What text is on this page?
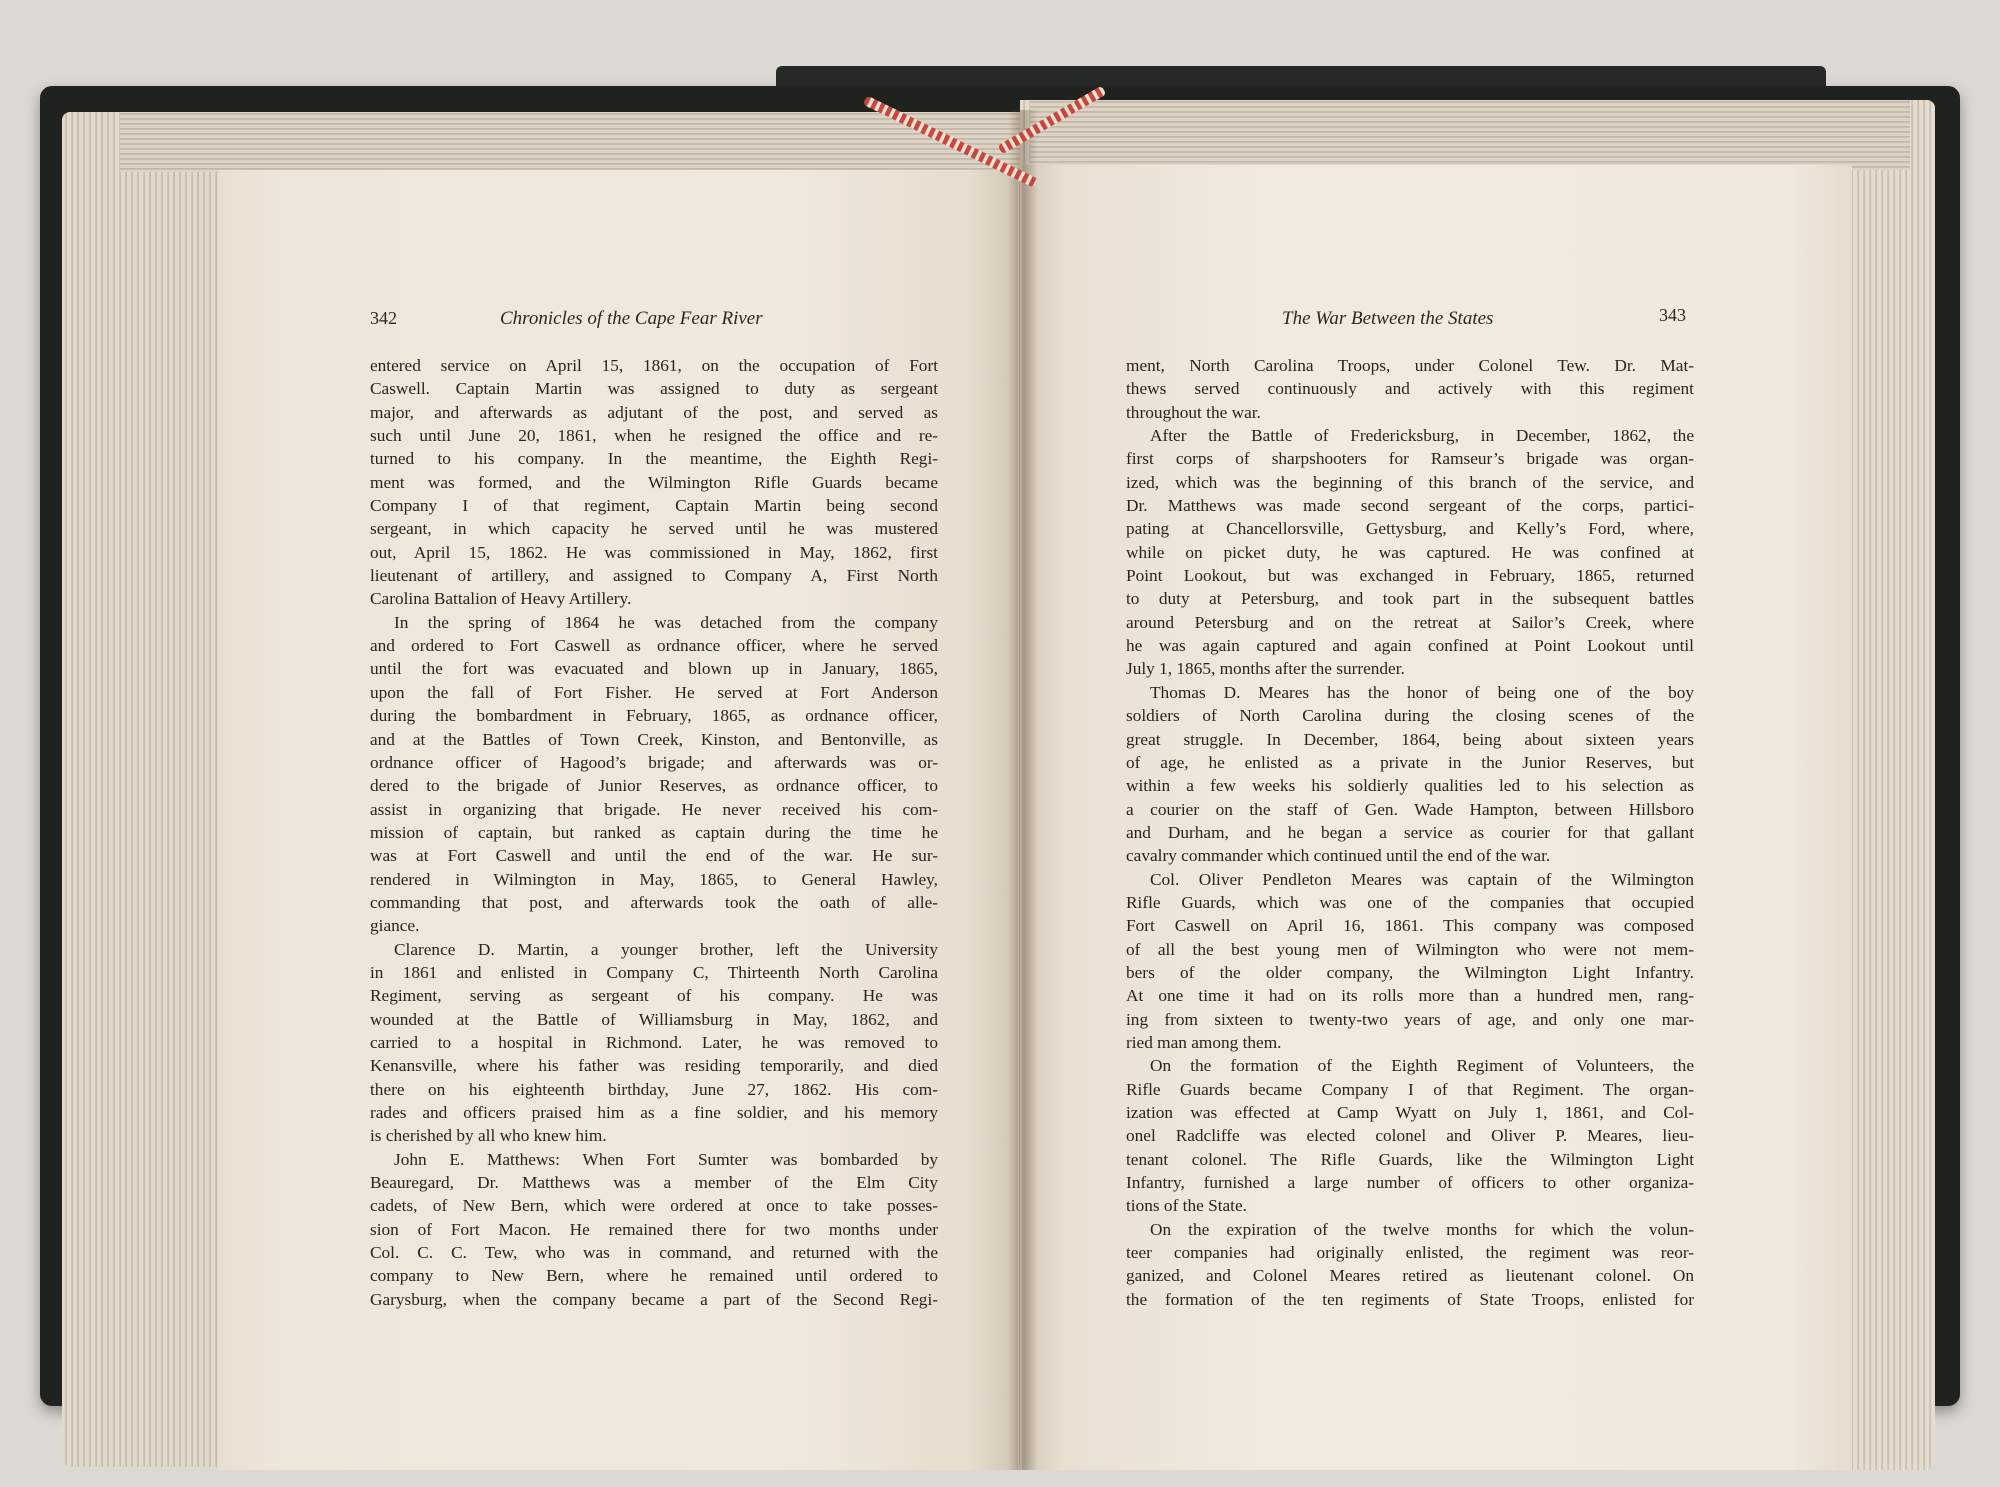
342	Chronicles of the Cape Fear River
entered service on April 15, 1861, on the occupation of Fort
Caswell. Captain Martin was assigned to duty as sergeant
major, and afterwards as adjutant of the post, and served as
such until June 20, 1861, when he resigned the office and re-
turned to his company. In the meantime, the Eighth Regi-
ment was formed, and the Wilmington Rifle Guards became
Company I of that regiment, Captain Martin being second
sergeant, in which capacity he served until he was mustered
out, April 15, 1862. He was commissioned in May, 1862, first
lieutenant of artillery, and assigned to Company A, First North
Carolina Battalion of Heavy Artillery.
In the spring of 1864 he was detached from the company
and ordered to Fort Caswell as ordnance officer, where he served
until the fort was evacuated and blown up in January, 1865,
upon the fall of Fort Fisher. He served at Fort Anderson
during the bombardment in February, 1865, as ordnance officer,
and at the Battles of Town Creek, Kinston, and Bentonville, as
ordnance officer of Hagood’s brigade; and afterwards was or-
dered to the brigade of Junior Reserves, as ordnance officer, to
assist in organizing that brigade. He never received his com-
mission of captain, but ranked as captain during the time he
was at Fort Caswell and until the end of the war. He sur-
rendered in Wilmington in May, 1865, to General Hawley,
commanding that post, and afterwards took the oath of alle-
giance.
Clarence D. Martin, a younger brother, left the University
in 1861 and enlisted in Company C, Thirteenth North Carolina
Regiment, serving as sergeant of his company. He was
wounded at the Battle of Williamsburg in May, 1862, and
carried to a hospital in Richmond. Later, he was removed to
Kenansville, where his father was residing temporarily, and died
there on his eighteenth birthday, June 27, 1862. His com-
rades and officers praised him as a fine soldier, and his memory
is cherished by all who knew him.
John E. Matthews: When Fort Sumter was bombarded by
Beauregard, Dr. Matthews was a member of the Elm City
cadets, of New Bern, which were ordered at once to take posses-
sion of Fort Macon. He remained there for two months under
Col. C. C. Tew, who was in command, and returned with the
company to New Bern, where he remained until ordered to
Garysburg, when the company became a part of the Second Regi-
The War Between the States	343
ment, North Carolina Troops, under Colonel Tew. Dr. Mat-
thews served continuously and actively with this regiment
throughout the war.
After the Battle of Fredericksburg, in December, 1862, the
first corps of sharpshooters for Ramseur’s brigade was organ-
ized, which was the beginning of this branch of the service, and
Dr. Matthews was made second sergeant of the corps, partici-
pating at Chancellorsville, Gettysburg, and Kelly’s Ford, where,
while on picket duty, he was captured. He was confined at
Point Lookout, but was exchanged in February, 1865, returned
to duty at Petersburg, and took part in the subsequent battles
around Petersburg and on the retreat at Sailor’s Creek, where
he was again captured and again confined at Point Lookout until
July 1, 1865, months after the surrender.
Thomas D. Meares has the honor of being one of the boy
soldiers of North Carolina during the closing scenes of the
great struggle. In December, 1864, being about sixteen years
of age, he enlisted as a private in the Junior Reserves, but
within a few weeks his soldierly qualities led to his selection as
a courier on the staff of Gen. Wade Hampton, between Hillsboro
and Durham, and he began a service as courier for that gallant
cavalry commander which continued until the end of the war.
Col. Oliver Pendleton Meares was captain of the Wilmington
Rifle Guards, which was one of the companies that occupied
Fort Caswell on April 16, 1861. This company was composed
of all the best young men of Wilmington who were not mem-
bers of the older company, the Wilmington Light Infantry.
At one time it had on its rolls more than a hundred men, rang-
ing from sixteen to twenty-two years of age, and only one mar-
ried man among them.
On the formation of the Eighth Regiment of Volunteers, the
Rifle Guards became Company I of that Regiment. The organ-
ization was effected at Camp Wyatt on July 1, 1861, and Col-
onel Radcliffe was elected colonel and Oliver P. Meares, lieu-
tenant colonel. The Rifle Guards, like the Wilmington Light
Infantry, furnished a large number of officers to other organiza-
tions of the State.
On the expiration of the twelve months for which the volun-
teer companies had originally enlisted, the regiment was reor-
ganized, and Colonel Meares retired as lieutenant colonel. On
the formation of the ten regiments of State Troops, enlisted for
